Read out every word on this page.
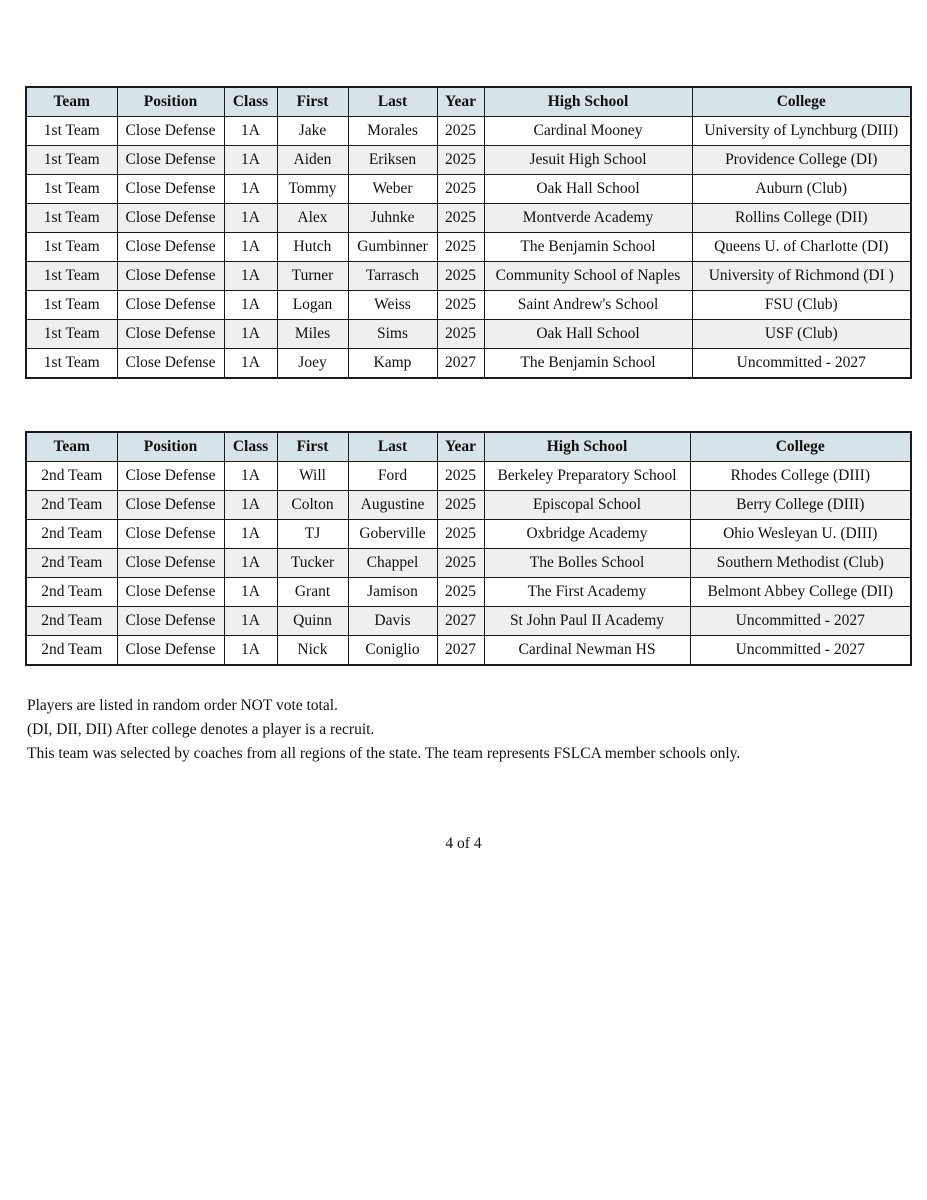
Team	Position	Class	First	Last	Year	High School	College
1st Team	Close Defense	1A	Jake	Morales	2025	Cardinal Mooney	University of Lynchburg (DIII)
1st Team	Close Defense	1A	Aiden	Eriksen	2025	Jesuit High School	Providence College (DI)
1st Team	Close Defense	1A	Tommy	Weber	2025	Oak Hall School	Auburn (Club)
1st Team	Close Defense	1A	Alex	Juhnke	2025	Montverde Academy	Rollins College (DII)
1st Team	Close Defense	1A	Hutch	Gumbinner	2025	The Benjamin School	Queens U. of Charlotte (DI)
1st Team	Close Defense	1A	Turner	Tarrasch	2025	Community School of Naples	University of Richmond (DI )
1st Team	Close Defense	1A	Logan	Weiss	2025	Saint Andrew's School	FSU (Club)
1st Team	Close Defense	1A	Miles	Sims	2025	Oak Hall School	USF (Club)
1st Team	Close Defense	1A	Joey	Kamp	2027	The Benjamin School	Uncommitted - 2027
Team	Position	Class	First	Last	Year	High School	College
2nd Team	Close Defense	1A	Will	Ford	2025	Berkeley Preparatory School	Rhodes College (DIII)
2nd Team	Close Defense	1A	Colton	Augustine	2025	Episcopal School	Berry College (DIII)
2nd Team	Close Defense	1A	TJ	Goberville	2025	Oxbridge Academy	Ohio Wesleyan U. (DIII)
2nd Team	Close Defense	1A	Tucker	Chappel	2025	The Bolles School	Southern Methodist (Club)
2nd Team	Close Defense	1A	Grant	Jamison	2025	The First Academy	Belmont Abbey College (DII)
2nd Team	Close Defense	1A	Quinn	Davis	2027	St John Paul II Academy	Uncommitted - 2027
2nd Team	Close Defense	1A	Nick	Coniglio	2027	Cardinal Newman HS	Uncommitted - 2027

Players are listed in random order NOT vote total.

(DI, DII, DII) After college denotes a player is a recruit.

This team was selected by coaches from all regions of the state. The team represents FSLCA member schools only.

4 of 4
